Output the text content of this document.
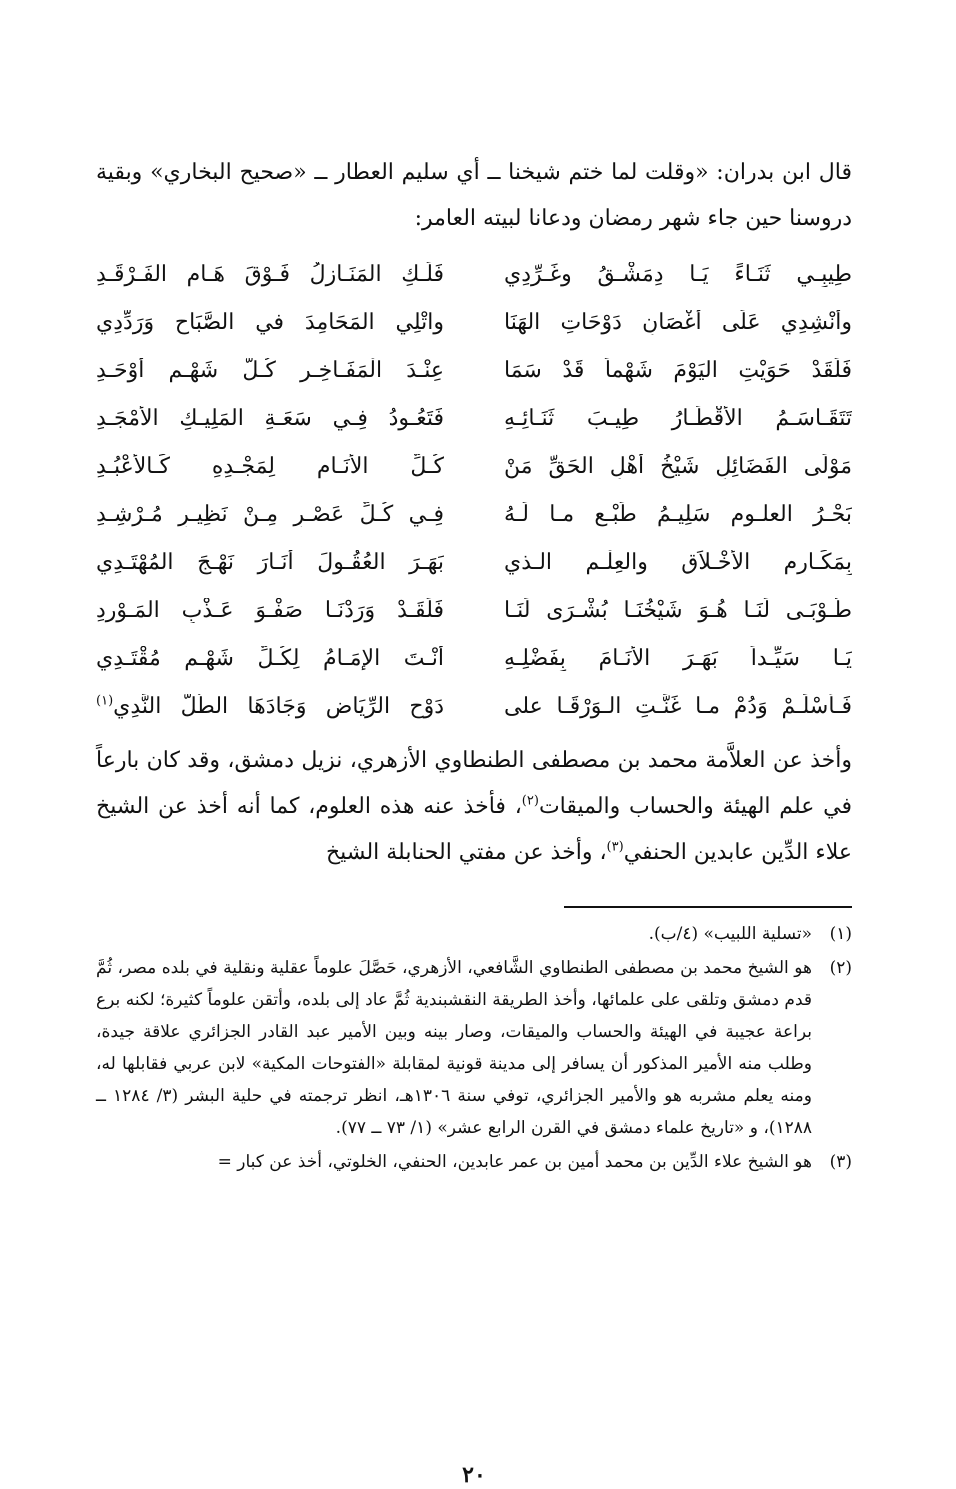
قال ابن بدران: «وقلت لما ختم شيخنا ــ أي سليم العطار ــ «صحيح البخاري» وبقية دروسنا حين جاء شهر رمضان ودعانا لبيته العامر:

طِيبِـي ثَنَـاءً يَـا دِمَشْـقُ وغَـرِّدِي
فَلَـكِ المَنَـازِلُ فَـوْقَ هَـامِ الفَـرْقَـدِ
وأَنْشِدِي عَلَى أَغْصَانِ دَوْحَاتِ الهَنَا
واتْلِي المَحَامِدَ في الصَّبَاحِ وَرَدِّدِي
فَلَقَدْ حَوَيْتِ اليَوْمَ شَهْماً قَدْ سَمَا
عِنْـدَ الْمَفَـاخِـرِ كُـلَّ شَهْـمٍ أَوْحَـدِ
تَتَقَـاسَـمُ الأَقْطَـارُ طِيـبَ ثَنَـائِـهِ
فَتَعُـودُ فِـي سَعَـةِ المَلِيـكِ الأَمْجَـدِ
مَوْلَى الفَضَائِلِ شَيْخُ أَهْلِ الحَقِّ مَنْ
كُـلِّ الأَنَـامِ لِمَجْـدِهِ كَـالأَعْبُـدِ
بَحْـرُ العلـومِ سَلِيـمُ طَبْـعٍ مـا لَـهُ
فِـي كُـلِّ عَصْـرٍ مِـنْ نَظِيـرٍ مُـرْشِـدِ
بِمَكَـارِمِ الأَخْـلاَقِ والعِلْـمِ الـذي
بَهَـرَ العُقُـولَ أَنَـارَ نَهْـجَ المُهْتَـدِي
طُـوْبَـى لَنَـا هُـوَ شَيْخُنَـا بُشْـرَى لَنَـا
فَلَقَـدْ وَرَدْنَـا صَفْـوَ عَـذْبِ المَـوْرِدِ
يَـا سَيِّـداً بَهَـرَ الأَنَـامَ بِفَضْلِـهِ
أَنْـتَ الإِمَـامُ لِكُـلِّ شَهْـمٍ مُقْتَـدِي
فَـأْسْلَـمْ وَدُمْ مـا غَنَّـتِ الـوَرْقَـا على
دَوْحِ الرِّيَاضِ وَجَادَهَا الطَّلُّ النَّدِي$^{(١)}$

وأخذ عن العلاَّمة محمد بن مصطفى الطنطاوي الأزهري، نزيل دمشق، وقد كان بارعاً في علم الهيئة والحساب والميقات$^{(٢)}$، فأخذ عنه هذه العلوم، كما أنه أخذ عن الشيخ علاء الدِّين عابدين الحنفي$^{(٣)}$، وأخذ عن مفتي الحنابلة الشيخ

(١)
«تسلية اللبيب» (٤/ب).
(٢)
هو الشيخ محمد بن مصطفى الطنطاوي الشَّافعي، الأزهري، حَصَّلَ علوماً عقلية ونقلية في بلده مصر، ثُمَّ قدم دمشق وتلقى على علمائها، وأخذ الطريقة النقشبندية ثُمَّ عاد إلى بلده، وأتقن علوماً كثيرة؛ لكنه برع براعة عجيبة في الهيئة والحساب والميقات، وصار بينه وبين الأمير عبد القادر الجزائري علاقة جيدة، وطلب منه الأمير المذكور أن يسافر إلى مدينة قونية لمقابلة «الفتوحات المكية» لابن عربي فقابلها له، ومنه يعلم مشربه هو والأمير الجزائري، توفي سنة ١٣٠٦هـ، انظر ترجمته في حلية البشر (٣/ ١٢٨٤ ــ ١٢٨٨)، و «تاريخ علماء دمشق في القرن الرابع عشر» (١/ ٧٣ ــ ٧٧).
(٣)
هو الشيخ علاء الدِّين بن محمد أمين بن عمر عابدين، الحنفي، الخلوتي، أخذ عن كبار =
٢٠
